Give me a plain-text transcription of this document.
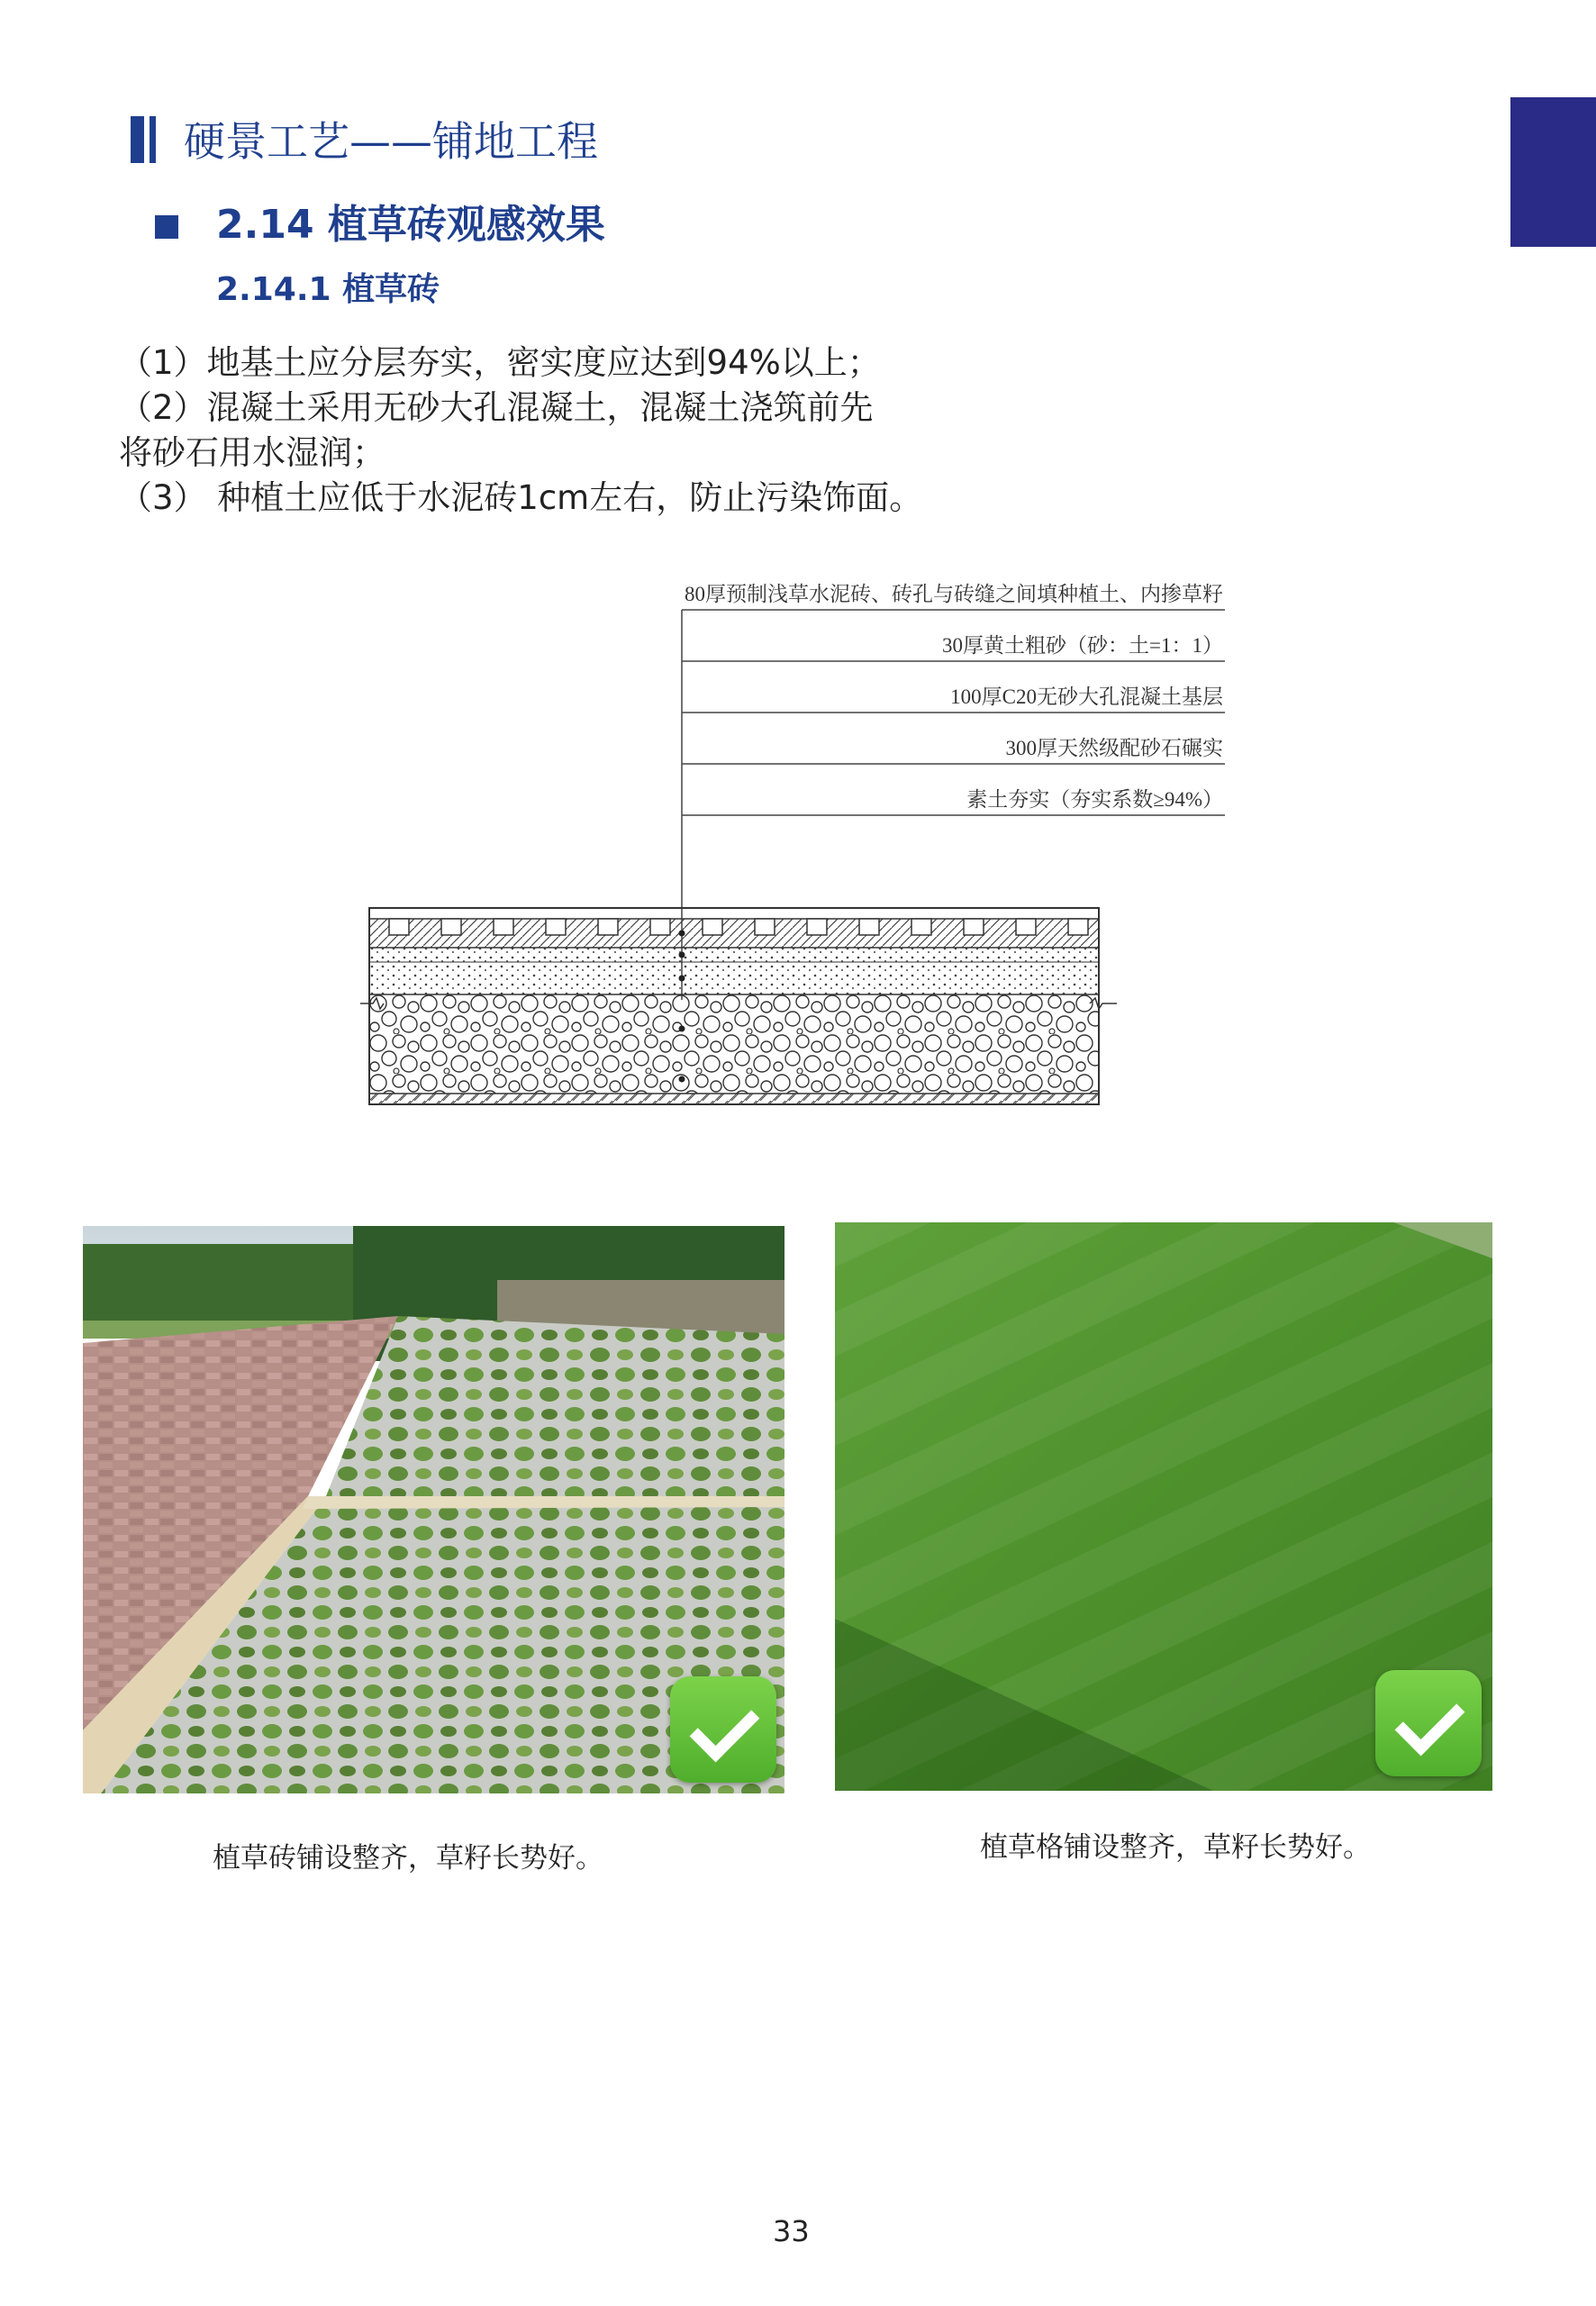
硬景工艺——铺地工程
2.14 植草砖观感效果
2.14.1 植草砖

（1）地基土应分层夯实，密实度应达到94%以上；

（2）混凝土采用无砂大孔混凝土，混凝土浇筑前先

将砂石用水湿润；

（3） 种植土应低于水泥砖1cm左右，防止污染饰面。

80厚预制浅草水泥砖、砖孔与砖缝之间填种植土、内掺草籽
30厚黄土粗砂（砂：土=1：1）
100厚C20无砂大孔混凝土基层
300厚天然级配砂石碾实
素土夯实（夯实系数≥94%）
植草砖铺设整齐，草籽长势好。	植草格铺设整齐，草籽长势好。
33
